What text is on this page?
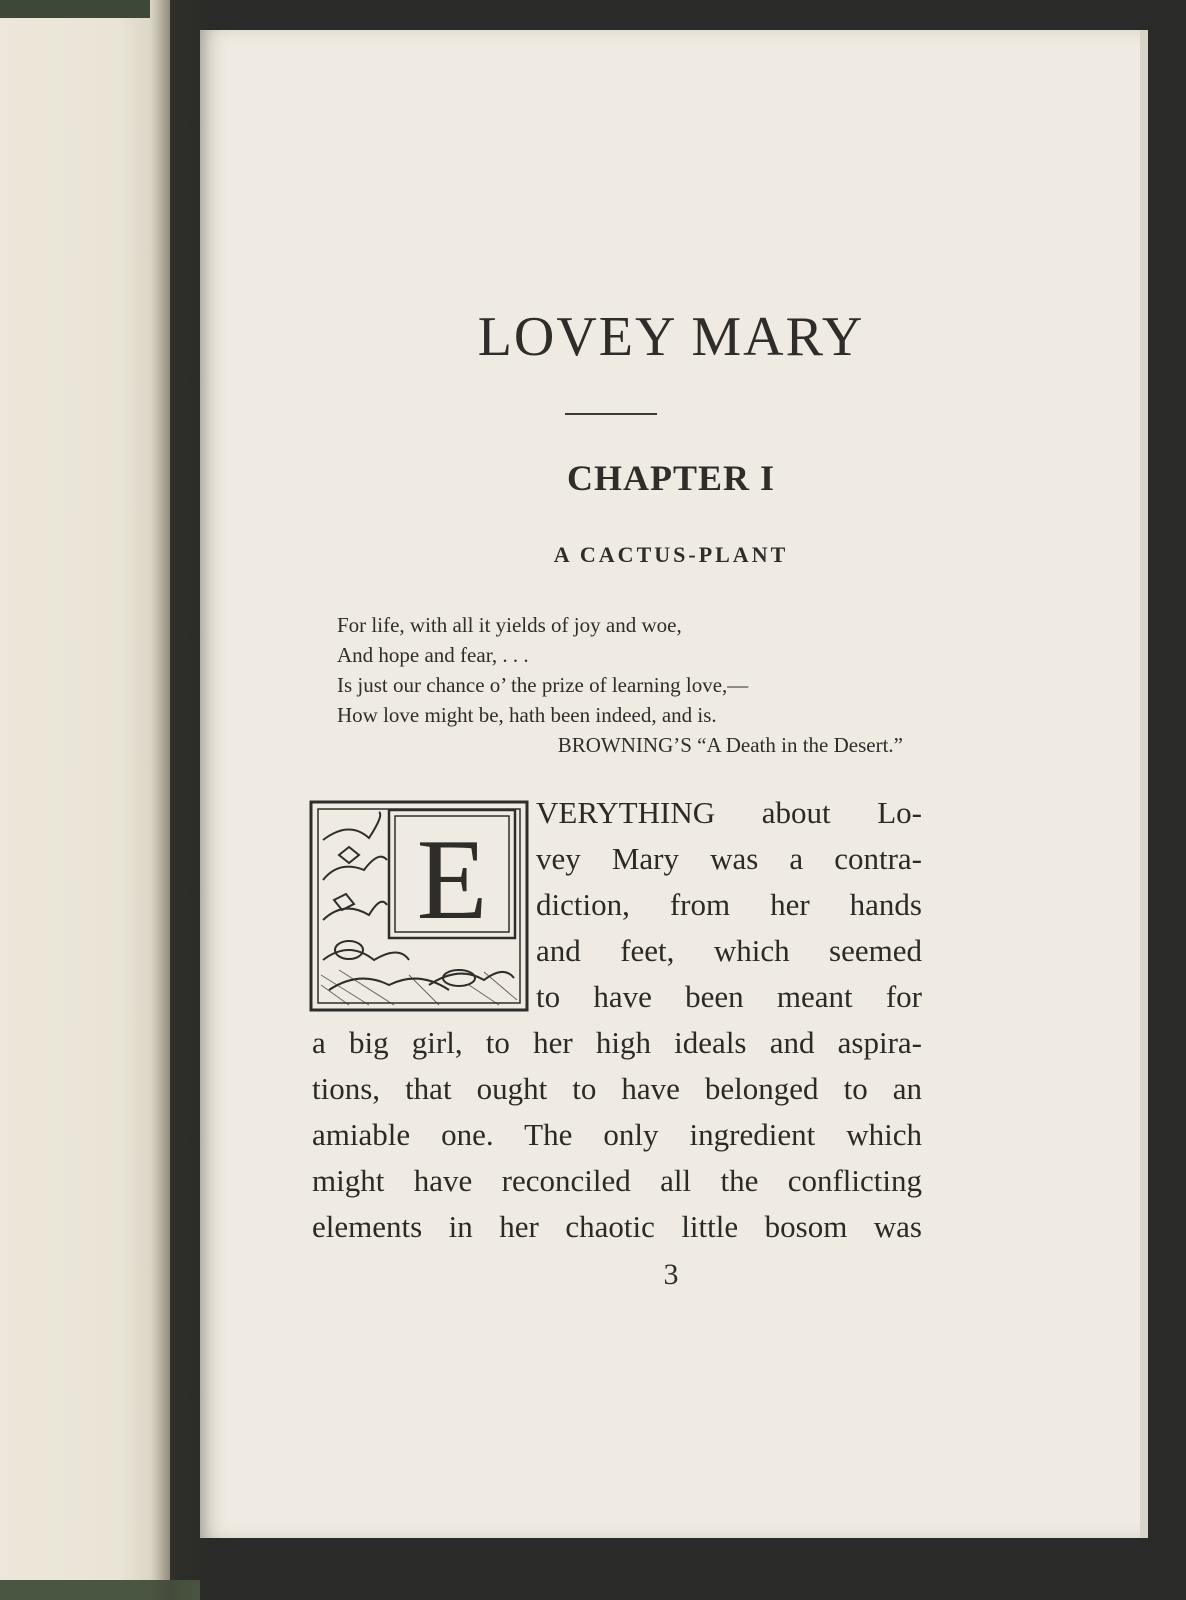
LOVEY MARY
CHAPTER I
A CACTUS-PLANT
For life, with all it yields of joy and woe,
And hope and fear, . . .
Is just our chance o’ the prize of learning love,—
How love might be, hath been indeed, and is.

BROWNING’S “A Death in the Desert.”

E
VERYTHING about Lo-
vey Mary was a contra-
diction, from her hands
and feet, which seemed
to have been meant for
a big girl, to her high ideals and aspira-
tions, that ought to have belonged to an
amiable one. The only ingredient which
might have reconciled all the conflicting
elements in her chaotic little bosom was

3
